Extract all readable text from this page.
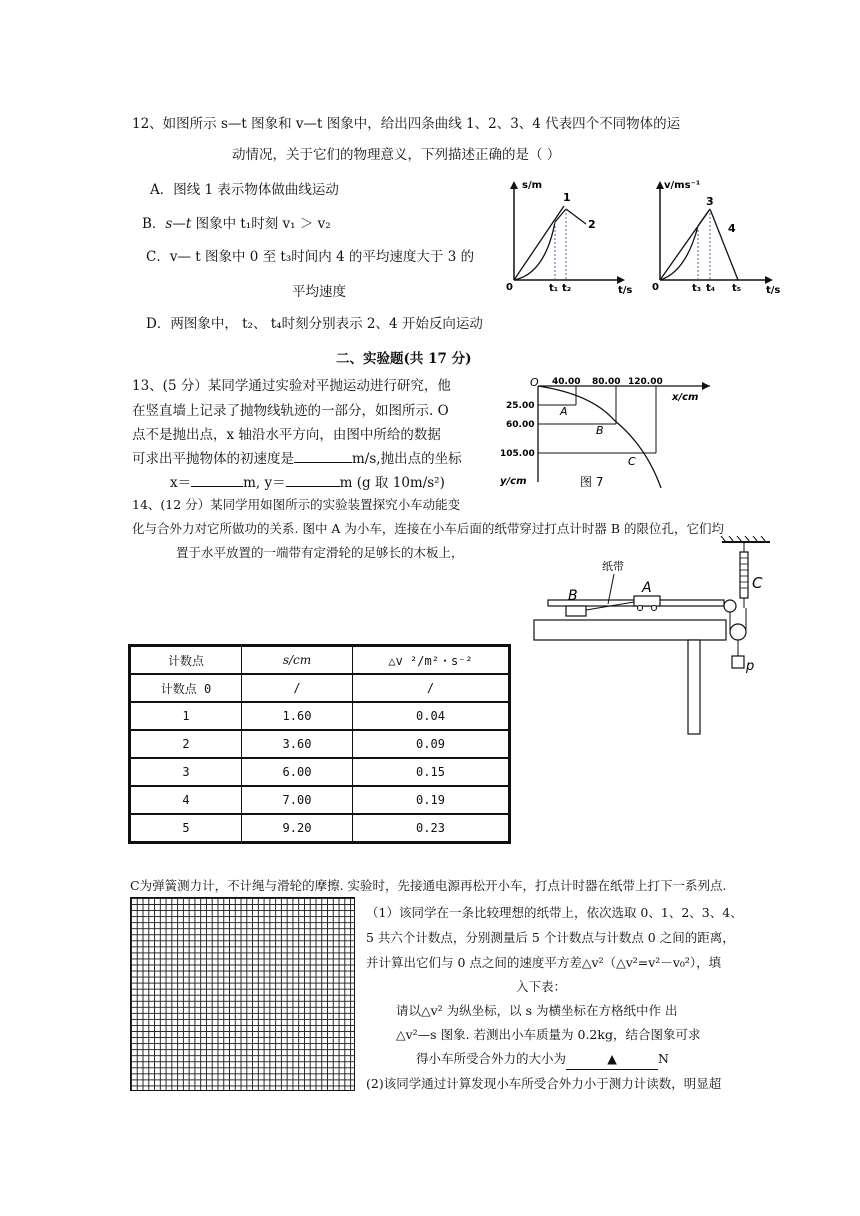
12、如图所示 s—t 图象和 v—t 图象中，给出四条曲线 1、2、3、4 代表四个不同物体的运
动情况，关于它们的物理意义，下列描述正确的是（ ）
A．图线 1 表示物体做曲线运动
B．s—t 图象中 t₁时刻 v₁ ＞ v₂
C．v— t 图象中 0 至 t₃时间内 4 的平均速度大于 3 的
平均速度
D．两图象中， t₂、 t₄时刻分别表示 2、4 开始反向运动
s/m
t/s
0
1
2
t₁ t₂
v/ms⁻¹
t/s
0
3
4
t₃ t₄ t₅
二、实验题(共 17 分)
13、(5 分）某同学通过实验对平抛运动进行研究，他
在竖直墙上记录了抛物线轨迹的一部分，如图所示. O
点不是抛出点，x 轴沿水平方向，由图中所给的数据
可求出平抛物体的初速度是	m/s,抛出点的坐标
x＝	m, y＝	m (g 取 10m/s²)
O 40.00 80.00 120.00
x/cm
25.00
60.00
105.00
y/cm
A
B
C
图 7
14、(12 分）某同学用如图所示的实验装置探究小车动能变
化与合外力对它所做功的关系. 图中 A 为小车，连接在小车后面的纸带穿过打点计时器 B 的限位孔，它们均
置于水平放置的一端带有定滑轮的足够长的木板上，
纸带
B	A	C
p
计数点	s/cm	△v ²/m²・s⁻²
计数点 0	/	/
1	1.60	0.04
2	3.60	0.09
3	6.00	0.15
4	7.00	0.19
5	9.20	0.23
C为弹簧测力计，不计绳与滑轮的摩擦. 实验时，先接通电源再松开小车，打点计时器在纸带上打下一系列点.
（1）该同学在一条比较理想的纸带上，依次选取 0、1、2、3、4、
5 共六个计数点，分别测量后 5 个计数点与计数点 0 之间的距离，
并计算出它们与 0 点之间的速度平方差△v²（△v²=v²－v₀²），填
入下表：
请以△v² 为纵坐标，以 s 为横坐标在方格纸中作 出
△v²—s 图象. 若测出小车质量为 0.2kg，结合图象可求
得小车所受合外力的大小为	▲	N
(2)该同学通过计算发现小车所受合外力小于测力计读数，明显超
